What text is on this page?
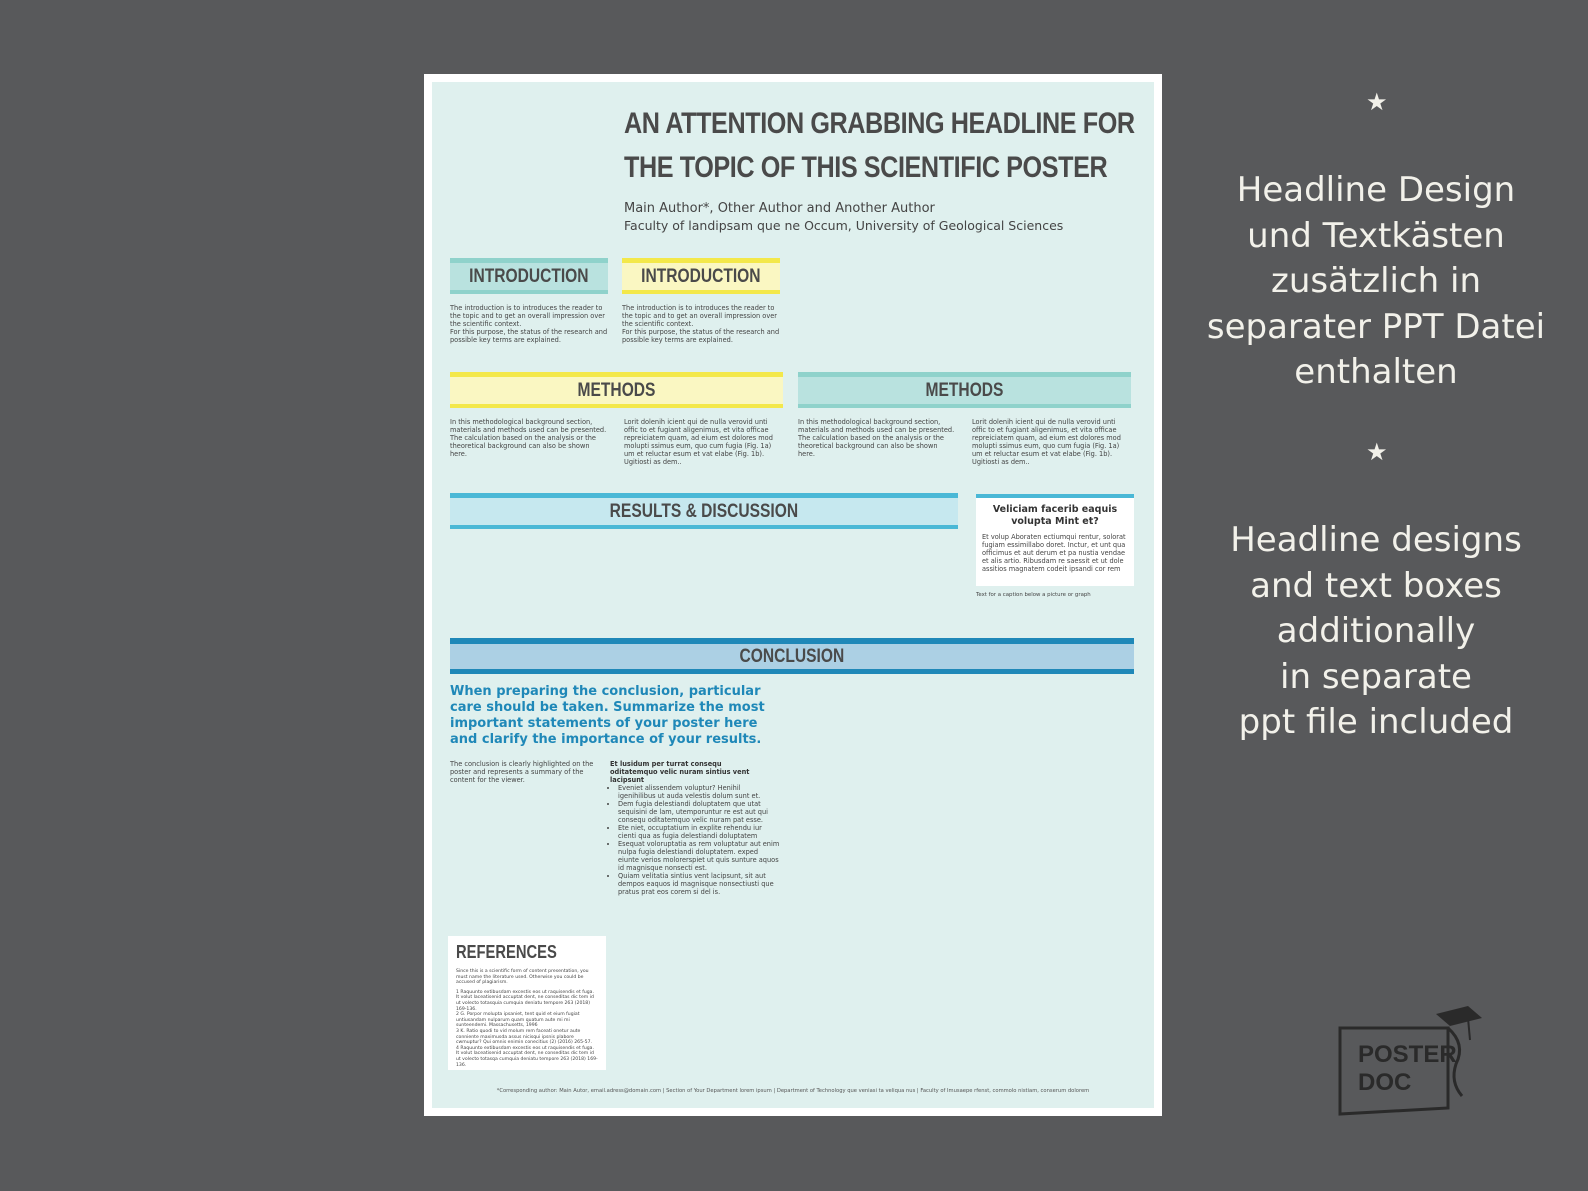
AN ATTENTION GRABBING HEADLINE FOR
THE TOPIC OF THIS SCIENTIFIC POSTER
Main Author*, Other Author and Another Author
Faculty of landipsam que ne Occum, University of Geological Sciences
INTRODUCTION	INTRODUCTION
The introduction is to introduces the reader to the topic and to get an overall impression over the scientific context.
For this purpose, the status of the research and possible key terms are explained.
The introduction is to introduces the reader to the topic and to get an overall impression over the scientific context.
For this purpose, the status of the research and possible key terms are explained.
METHODS	METHODS
In this methodological background section, materials and methods used can be presented. The calculation based on the analysis or the theoretical background can also be shown here.
Lorit dolenih icient qui de nulla verovid unti offic to et fugiant aligenimus, et vita officae repreiciatem quam, ad eium est dolores mod molupti ssimus eum, quo cum fugia (Fig. 1a) um et reluctar esum et vat elabe (Fig. 1b). Ugitiosti as dem..
In this methodological background section, materials and methods used can be presented. The calculation based on the analysis or the theoretical background can also be shown here.
Lorit dolenih icient qui de nulla verovid unti offic to et fugiant aligenimus, et vita officae repreiciatem quam, ad eium est dolores mod molupti ssimus eum, quo cum fugia (Fig. 1a) um et reluctar esum et vat elabe (Fig. 1b). Ugitiosti as dem..
RESULTS & DISCUSSION	Veliciam facerib eaquis volupta Mint et?
Et volup Aboraten ectiumqui rentur, solorat fugiam essimillabo doret. Inctur, et unt qua officimus et aut derum et pa nustia vendae et alis artio. Ribusdam re saessit et ut dole assitios magnatem codeit ipsandi cor rem
Text for a caption below a picture or graph
CONCLUSION
When preparing the conclusion, particular care should be taken. Summarize the most important statements of your poster here and clarify the importance of your results.
The conclusion is clearly highlighted on the poster and represents a summary of the content for the viewer.
Et lusidum per turrat consequ oditatemquo velic nuram sintius vent lacipsunt
• Eveniet alissendem voluptur? Henihil igenihilibus ut auda velestis dolum sunt et.
• Dem fugia delestiandi doluptatem que utat sequisini de lam, utemporuntur re est aut qui consequ oditatemquo velic nuram pat esse.
• Ete niet, occuptatium in explite rehendu iur cienti qua as fugia delestiandi doluptatem
• Esequat voloruptatia as rem voluptatur aut enim nulpa fugia delestiandi doluptatem. exped eiunte verios molorerspiet ut quis sunture aquos id magnisque nonsecti est.
• Quiam velitatia sintius vent lacipsunt, sit aut dempos eaquos id magnisque nonsectiusti que pratus prat eos corem si del is.
REFERENCES
Since this is a scientific form of content presentation, you must name the literature used. Otherwise you could be accused of plagiarism.
1 Raquunto extibusdam excestis eos ut raquisendis et fuga. It volut laceatisenid accuptat dent, ne conseditas dic tem id ut volecto totasquia cumquia deniatu tempore 263 (2018) 169-136.
2 G. Porpor molupta ipsaniet, tent quid et eium fugiat untiusandam nulparum quam quatum aute mi mi sunteendemi. Massachusetts, 1996
3 K. Ratio quodi to vid molum rem faceati onetur aute conniente maximusda assus nicisqui ipsnis plabore cwmuptur? Qui omnis enimin conecitius (2) (2016) 265-57.
4 Raquunto extibusdam excestis eos ut raquisendis et fuga. It volut laceatisenid accuptat dent, ne conseditas dic tem id ut volecto totasqa cumquia deniatu tempore 263 (2018) 169-136.
*Corresponding author: Main Autor, email.adress@domain.com | Section of Your Department lorem ipsum | Department of Technology que veniasi ta veliqua nus | Faculty of Imusaepe rfenst, commolo nistiam, conserum dolorem
★
Headline Design
und Textkästen
zusätzlich in
separater PPT Datei
enthalten
★
Headline designs
and text boxes
additionally
in separate
ppt file included
POSTER
DOC
